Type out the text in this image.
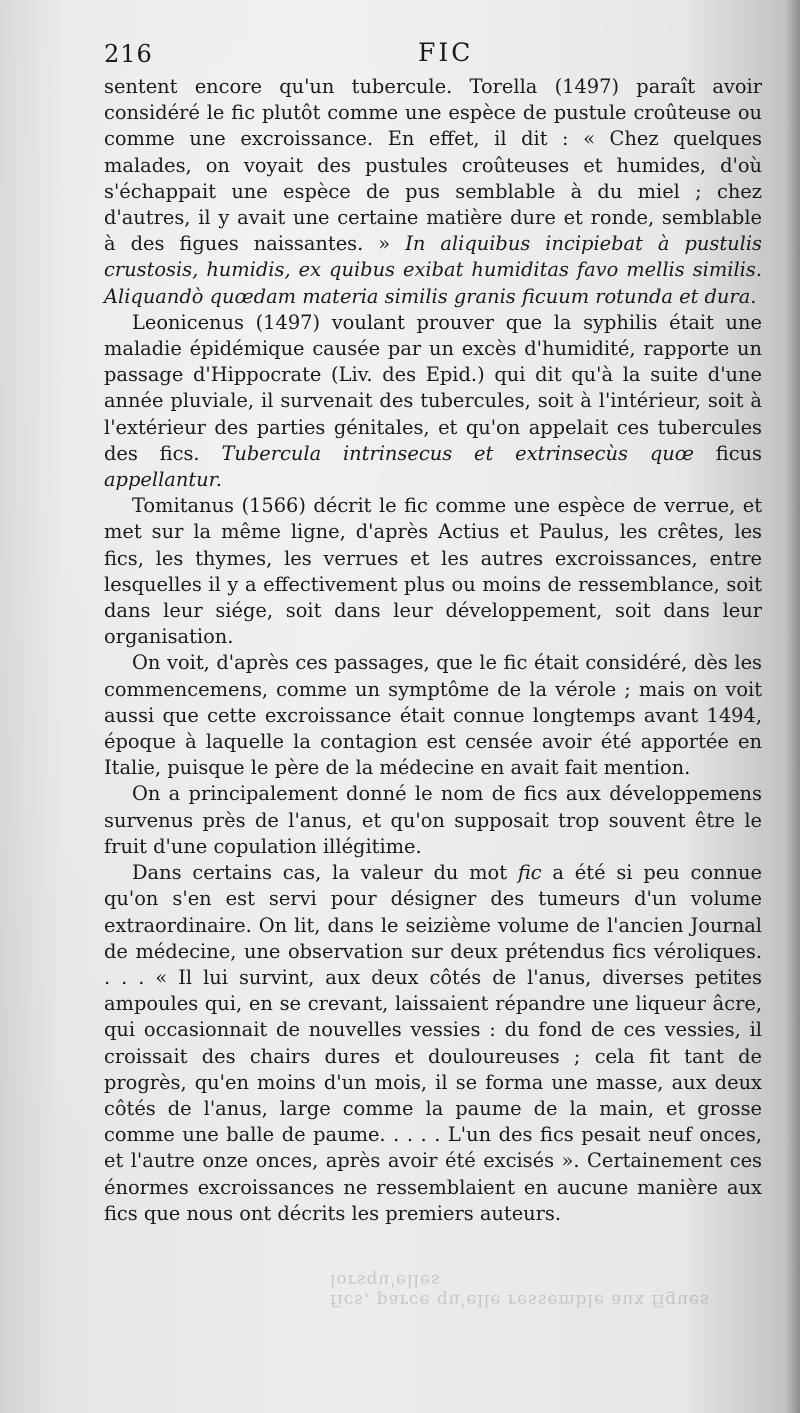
216	FIC

sentent encore qu'un tubercule. Torella (1497) paraît avoir considéré le fic plutôt comme une espèce de pustule croûteuse ou comme une excroissance. En effet, il dit : « Chez quelques malades, on voyait des pustules croûteuses et humides, d'où s'échappait une espèce de pus semblable à du miel ; chez d'autres, il y avait une certaine matière dure et ronde, semblable à des figues naissantes. » In aliquibus incipiebat à pustulis crustosis, humidis, ex quibus exibat humiditas favo mellis similis. Aliquandò quœdam materia similis granis ficuum rotunda et dura.

Leonicenus (1497) voulant prouver que la syphilis était une maladie épidémique causée par un excès d'humidité, rapporte un passage d'Hippocrate (Liv. des Epid.) qui dit qu'à la suite d'une année pluviale, il survenait des tubercules, soit à l'intérieur, soit à l'extérieur des parties génitales, et qu'on appelait ces tubercules des fics. Tubercula intrinsecus et extrinsecùs quœ ficus appellantur.

Tomitanus (1566) décrit le fic comme une espèce de verrue, et met sur la même ligne, d'après Actius et Paulus, les crêtes, les fics, les thymes, les verrues et les autres excroissances, entre lesquelles il y a effectivement plus ou moins de ressemblance, soit dans leur siége, soit dans leur développement, soit dans leur organisation.

On voit, d'après ces passages, que le fic était considéré, dès les commencemens, comme un symptôme de la vérole ; mais on voit aussi que cette excroissance était connue longtemps avant 1494, époque à laquelle la contagion est censée avoir été apportée en Italie, puisque le père de la médecine en avait fait mention.

On a principalement donné le nom de fics aux développemens survenus près de l'anus, et qu'on supposait trop souvent être le fruit d'une copulation illégitime.

Dans certains cas, la valeur du mot fic a été si peu connue qu'on s'en est servi pour désigner des tumeurs d'un volume extraordinaire. On lit, dans le seizième volume de l'ancien Journal de médecine, une observation sur deux prétendus fics véroliques. . . . « Il lui survint, aux deux côtés de l'anus, diverses petites ampoules qui, en se crevant, laissaient répandre une liqueur âcre, qui occasionnait de nouvelles vessies : du fond de ces vessies, il croissait des chairs dures et douloureuses ; cela fit tant de progrès, qu'en moins d'un mois, il se forma une masse, aux deux côtés de l'anus, large comme la paume de la main, et grosse comme une balle de paume. . . . . L'un des fics pesait neuf onces, et l'autre onze onces, après avoir été excisés ». Certainement ces énormes excroissances ne ressemblaient en aucune manière aux fics que nous ont décrits les premiers auteurs.

fics, parce qu'elle ressemble aux figues lorsqu'elles
